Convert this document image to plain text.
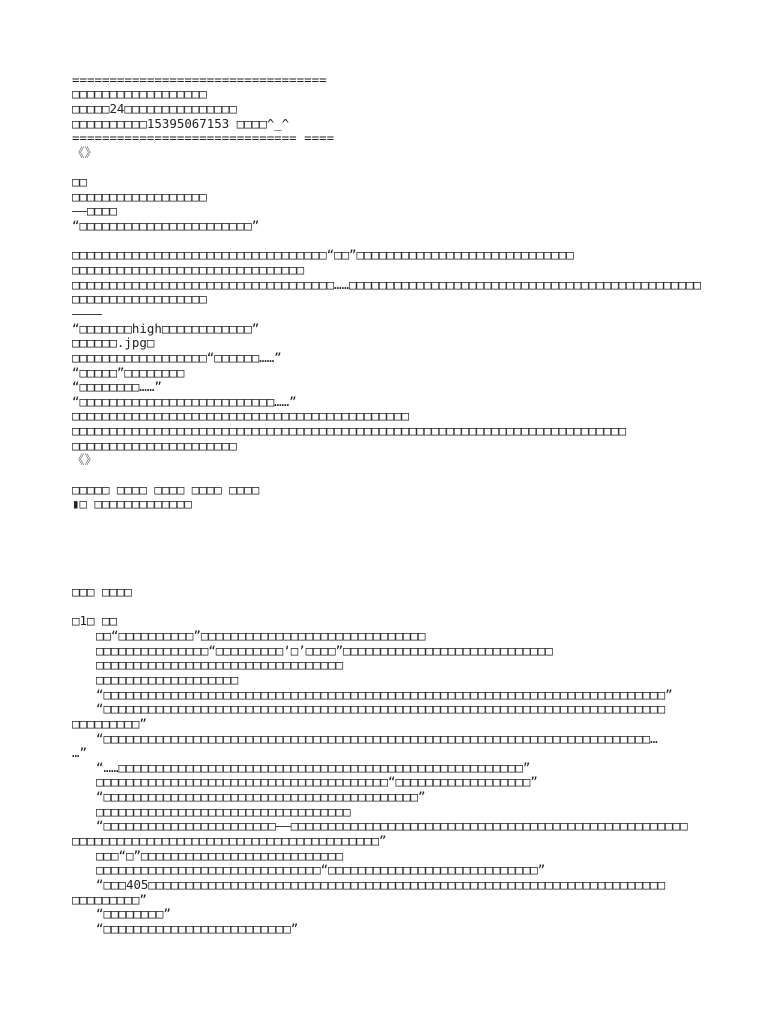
==================================
□□□□□□□□□□□□□□□□□□
□□□□□24□□□□□□□□□□□□□□□
□□□□□□□□□□15395067153 □□□□^_^
============================== ====
《》
□□
□□□□□□□□□□□□□□□□□□
——□□□□
“□□□□□□□□□□□□□□□□□□□□□□□”
□□□□□□□□□□□□□□□□□□□□□□□□□□□□□□□□□□“□□”□□□□□□□□□□□□□□□□□□□□□□□□□□□□□
□□□□□□□□□□□□□□□□□□□□□□□□□□□□□□□
□□□□□□□□□□□□□□□□□□□□□□□□□□□□□□□□□□□……□□□□□□□□□□□□□□□□□□□□□□□□□□□□□□□□□□□□□□□□□□□□□□□
□□□□□□□□□□□□□□□□□□
————
“□□□□□□□high□□□□□□□□□□□□”
□□□□□□.jpg□
□□□□□□□□□□□□□□□□□□“□□□□□□……”
“□□□□□”□□□□□□□□
“□□□□□□□□……”
“□□□□□□□□□□□□□□□□□□□□□□□□□□……”
□□□□□□□□□□□□□□□□□□□□□□□□□□□□□□□□□□□□□□□□□□□□□
□□□□□□□□□□□□□□□□□□□□□□□□□□□□□□□□□□□□□□□□□□□□□□□□□□□□□□□□□□□□□□□□□□□□□□□□□□
□□□□□□□□□□□□□□□□□□□□□□
《》
□□□□□ □□□□ □□□□ □□□□ □□□□
▮□ □□□□□□□□□□□□□
□□□ □□□□
□1□ □□
□□“□□□□□□□□□□”□□□□□□□□□□□□□□□□□□□□□□□□□□□□□□
□□□□□□□□□□□□□□□“□□□□□□□□□‘□’□□□□”□□□□□□□□□□□□□□□□□□□□□□□□□□□□
□□□□□□□□□□□□□□□□□□□□□□□□□□□□□□□□□
□□□□□□□□□□□□□□□□□□□
“□□□□□□□□□□□□□□□□□□□□□□□□□□□□□□□□□□□□□□□□□□□□□□□□□□□□□□□□□□□□□□□□□□□□□□□□□□□”
“□□□□□□□□□□□□□□□□□□□□□□□□□□□□□□□□□□□□□□□□□□□□□□□□□□□□□□□□□□□□□□□□□□□□□□□□□□□
□□□□□□□□□”
“□□□□□□□□□□□□□□□□□□□□□□□□□□□□□□□□□□□□□□□□□□□□□□□□□□□□□□□□□□□□□□□□□□□□□□□□□…
…”
“……□□□□□□□□□□□□□□□□□□□□□□□□□□□□□□□□□□□□□□□□□□□□□□□□□□□□□□”
□□□□□□□□□□□□□□□□□□□□□□□□□□□□□□□□□□□□□□□“□□□□□□□□□□□□□□□□□□”
“□□□□□□□□□□□□□□□□□□□□□□□□□□□□□□□□□□□□□□□□□□”
□□□□□□□□□□□□□□□□□□□□□□□□□□□□□□□□□□
“□□□□□□□□□□□□□□□□□□□□□□□——□□□□□□□□□□□□□□□□□□□□□□□□□□□□□□□□□□□□□□□□□□□□□□□□□□□□□
□□□□□□□□□□□□□□□□□□□□□□□□□□□□□□□□□□□□□□□□□”
□□□“□”□□□□□□□□□□□□□□□□□□□□□□□□□□□
□□□□□□□□□□□□□□□□□□□□□□□□□□□□□□“□□□□□□□□□□□□□□□□□□□□□□□□□□□□”
“□□□405□□□□□□□□□□□□□□□□□□□□□□□□□□□□□□□□□□□□□□□□□□□□□□□□□□□□□□□□□□□□□□□□□□□□□
□□□□□□□□□”
“□□□□□□□□”
“□□□□□□□□□□□□□□□□□□□□□□□□□”
